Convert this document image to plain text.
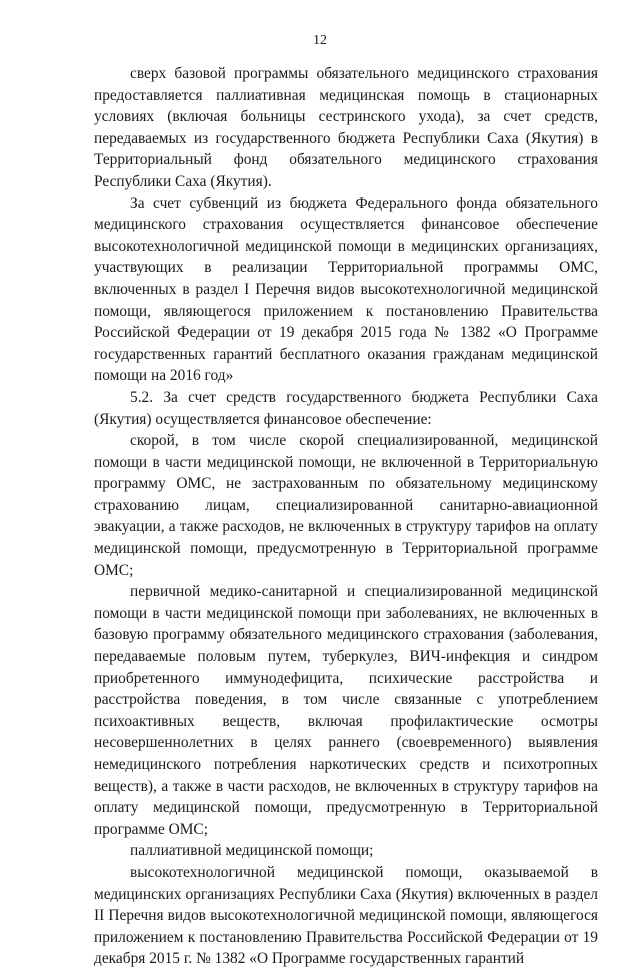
12

сверх базовой программы обязательного медицинского страхования предоставляется паллиативная медицинская помощь в стационарных условиях (включая больницы сестринского ухода), за счет средств, передаваемых из государственного бюджета Республики Саха (Якутия) в Территориальный фонд обязательного медицинского страхования Республики Саха (Якутия).

За счет субвенций из бюджета Федерального фонда обязательного медицинского страхования осуществляется финансовое обеспечение высокотехнологичной медицинской помощи в медицинских организациях, участвующих в реализации Территориальной программы ОМС, включенных в раздел I Перечня видов высокотехнологичной медицинской помощи, являющегося приложением к постановлению Правительства Российской Федерации от 19 декабря 2015 года № 1382 «О Программе государственных гарантий бесплатного оказания гражданам медицинской помощи на 2016 год»

5.2. За счет средств государственного бюджета Республики Саха (Якутия) осуществляется финансовое обеспечение:

скорой, в том числе скорой специализированной, медицинской помощи в части медицинской помощи, не включенной в Территориальную программу ОМС, не застрахованным по обязательному медицинскому страхованию лицам, специализированной санитарно-авиационной эвакуации, а также расходов, не включенных в структуру тарифов на оплату медицинской помощи, предусмотренную в Территориальной программе ОМС;

первичной медико-санитарной и специализированной медицинской помощи в части медицинской помощи при заболеваниях, не включенных в базовую программу обязательного медицинского страхования (заболевания, передаваемые половым путем, туберкулез, ВИЧ-инфекция и синдром приобретенного иммунодефицита, психические расстройства и расстройства поведения, в том числе связанные с употреблением психоактивных веществ, включая профилактические осмотры несовершеннолетних в целях раннего (своевременного) выявления немедицинского потребления наркотических средств и психотропных веществ), а также в части расходов, не включенных в структуру тарифов на оплату медицинской помощи, предусмотренную в Территориальной программе ОМС;

паллиативной медицинской помощи;

высокотехнологичной медицинской помощи, оказываемой в медицинских организациях Республики Саха (Якутия) включенных в раздел II Перечня видов высокотехнологичной медицинской помощи, являющегося приложением к постановлению Правительства Российской Федерации от 19 декабря 2015 г. № 1382 «О Программе государственных гарантий
